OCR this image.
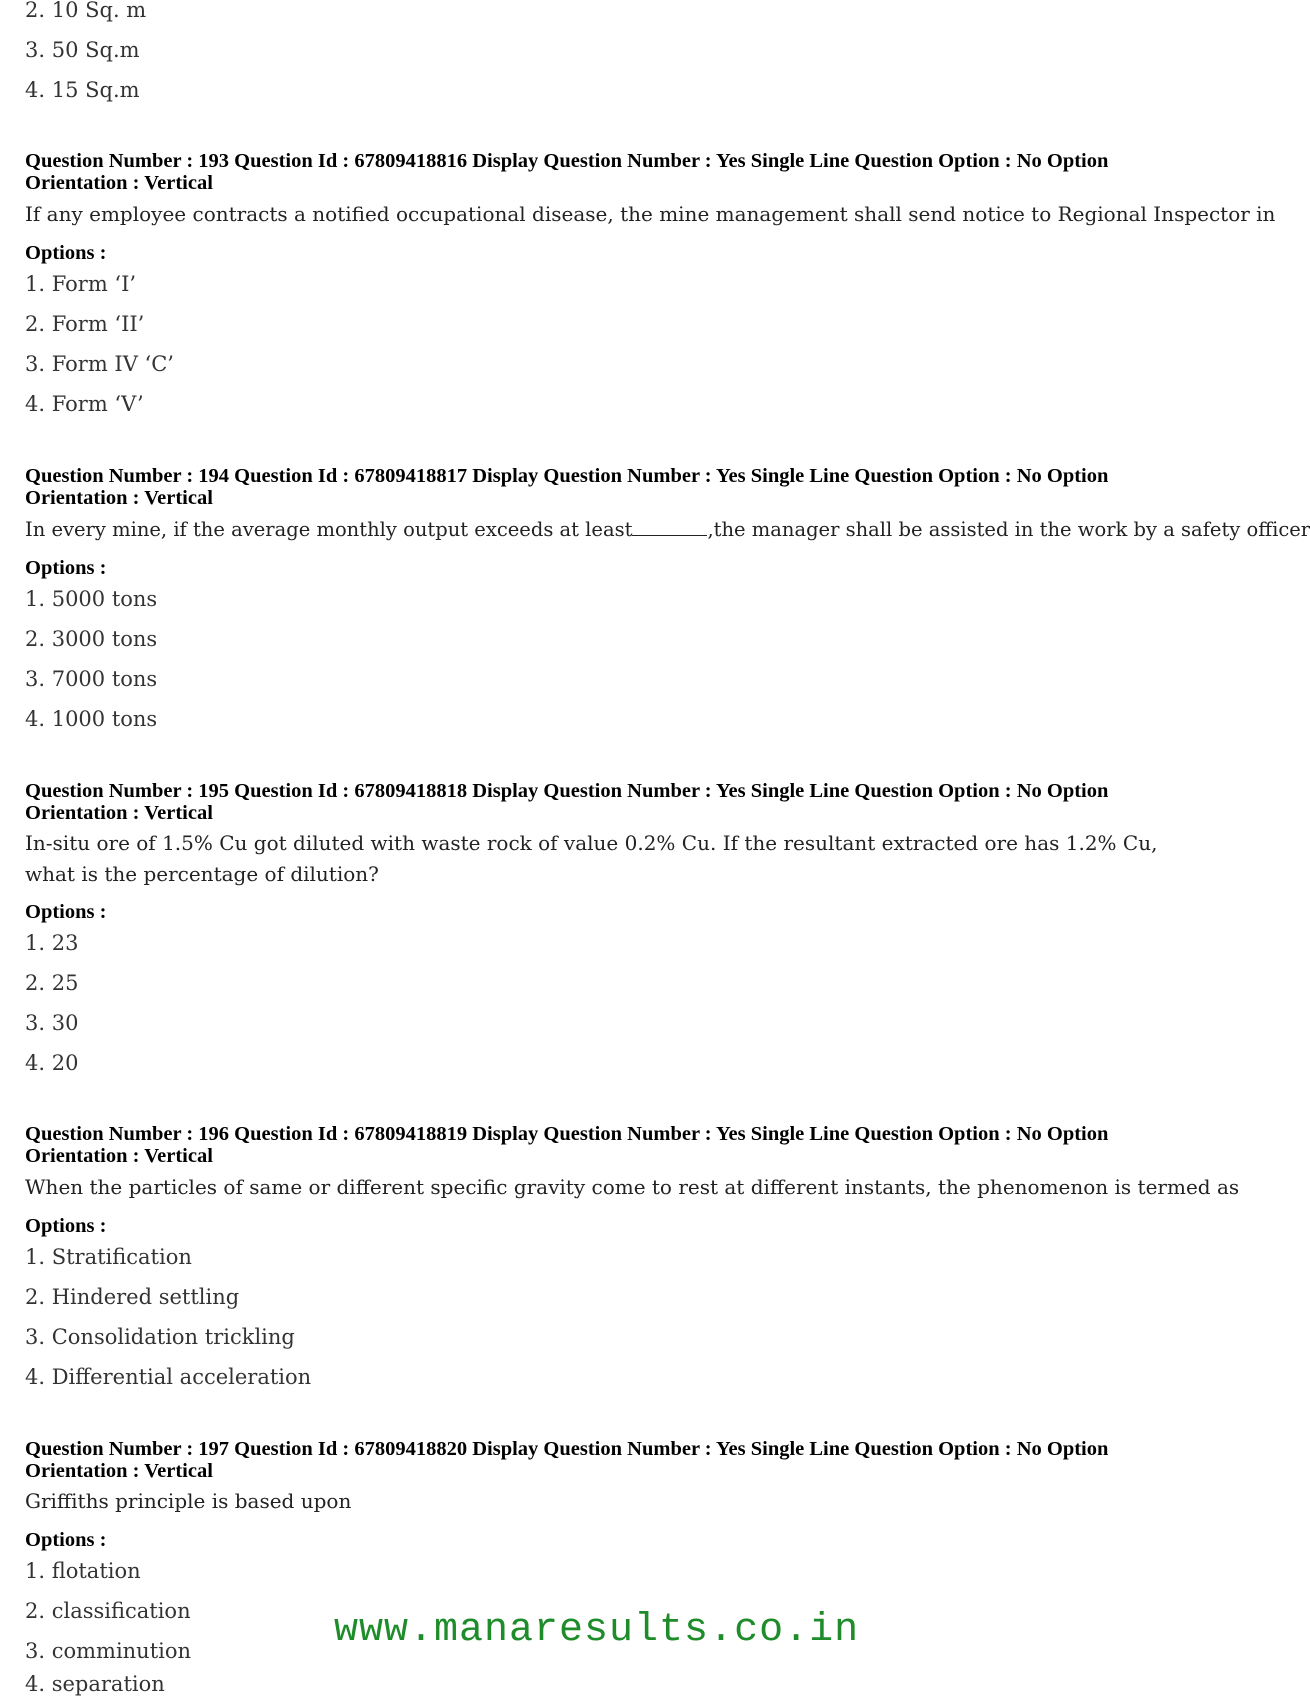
2. 10 Sq. m
3. 50 Sq.m
4. 15 Sq.m
Question Number : 193 Question Id : 67809418816 Display Question Number : Yes Single Line Question Option : No Option
Orientation : Vertical
If any employee contracts a notified occupational disease, the mine management shall send notice to Regional Inspector in
Options :
1. Form ‘I’
2. Form ‘II’
3. Form IV ‘C’
4. Form ‘V’
Question Number : 194 Question Id : 67809418817 Display Question Number : Yes Single Line Question Option : No Option
Orientation : Vertical
In every mine, if the average monthly output exceeds at least	,the manager shall be assisted in the work by a safety officer
Options :
1. 5000 tons
2. 3000 tons
3. 7000 tons
4. 1000 tons
Question Number : 195 Question Id : 67809418818 Display Question Number : Yes Single Line Question Option : No Option
Orientation : Vertical
In-situ ore of 1.5% Cu got diluted with waste rock of value 0.2% Cu. If the resultant extracted ore has 1.2% Cu, what is the percentage of dilution?
Options :
1. 23
2. 25
3. 30
4. 20
Question Number : 196 Question Id : 67809418819 Display Question Number : Yes Single Line Question Option : No Option
Orientation : Vertical
When the particles of same or different specific gravity come to rest at different instants, the phenomenon is termed as
Options :
1. Stratification
2. Hindered settling
3. Consolidation trickling
4. Differential acceleration
Question Number : 197 Question Id : 67809418820 Display Question Number : Yes Single Line Question Option : No Option
Orientation : Vertical
Griffiths principle is based upon
Options :
1. flotation
2. classification
3. comminution
4. separation
www.manaresults.co.in
